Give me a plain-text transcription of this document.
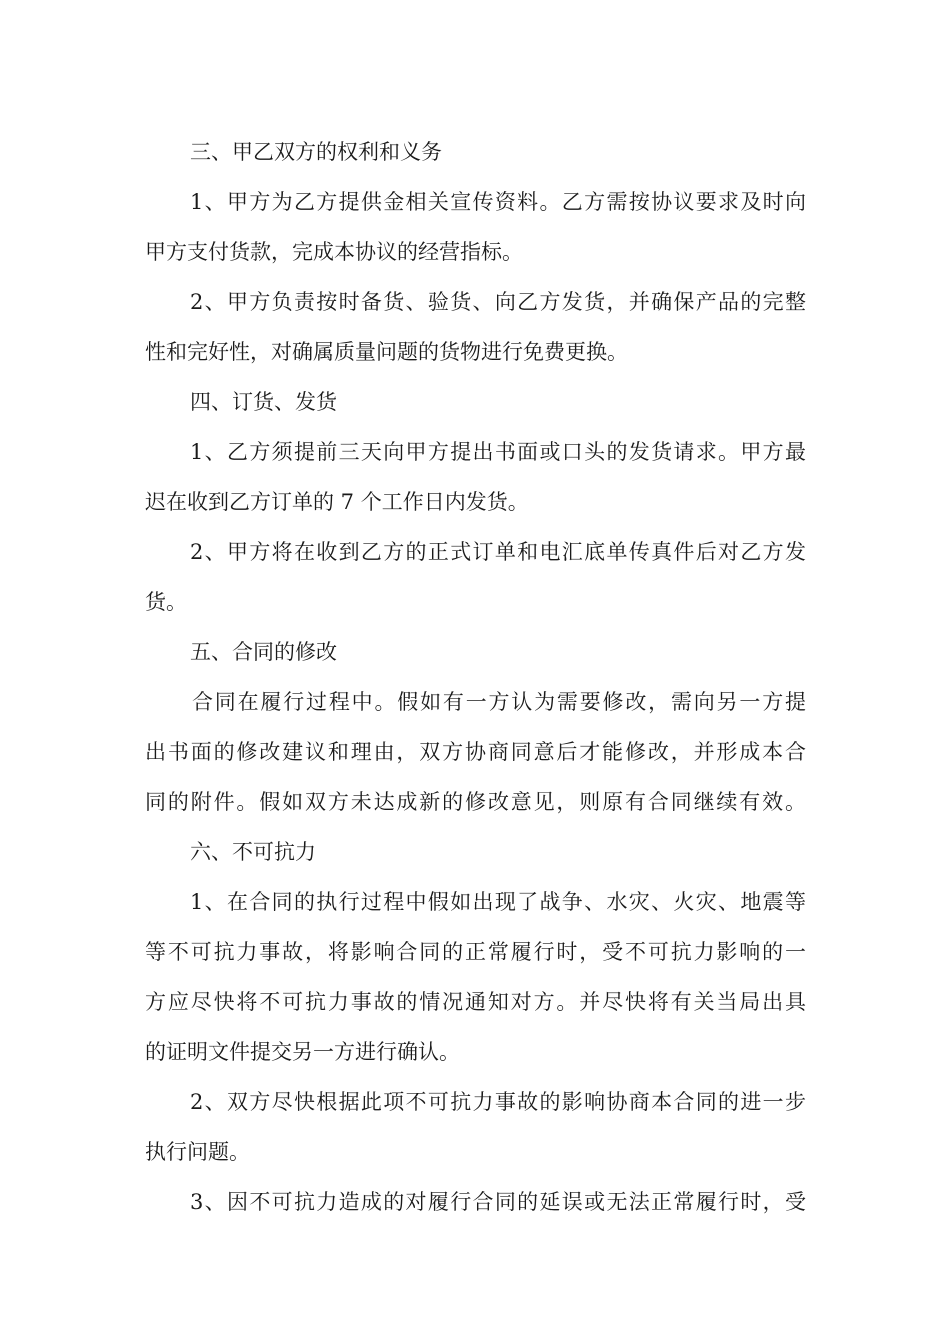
三、甲乙双方的权利和义务

1、甲方为乙方提供金相关宣传资料。乙方需按协议要求及时向

甲方支付货款，完成本协议的经营指标。

2、甲方负责按时备货、验货、向乙方发货，并确保产品的完整

性和完好性，对确属质量问题的货物进行免费更换。

四、订货、发货

1、乙方须提前三天向甲方提出书面或口头的发货请求。甲方最

迟在收到乙方订单的 7 个工作日内发货。

2、甲方将在收到乙方的正式订单和电汇底单传真件后对乙方发

货。

五、合同的修改

合同在履行过程中。假如有一方认为需要修改，需向另一方提

出书面的修改建议和理由，双方协商同意后才能修改，并形成本合

同的附件。假如双方未达成新的修改意见，则原有合同继续有效。

六、不可抗力

1、在合同的执行过程中假如出现了战争、水灾、火灾、地震等

等不可抗力事故，将影响合同的正常履行时，受不可抗力影响的一

方应尽快将不可抗力事故的情况通知对方。并尽快将有关当局出具

的证明文件提交另一方进行确认。

2、双方尽快根据此项不可抗力事故的影响协商本合同的进一步

执行问题。

3、因不可抗力造成的对履行合同的延误或无法正常履行时，受
